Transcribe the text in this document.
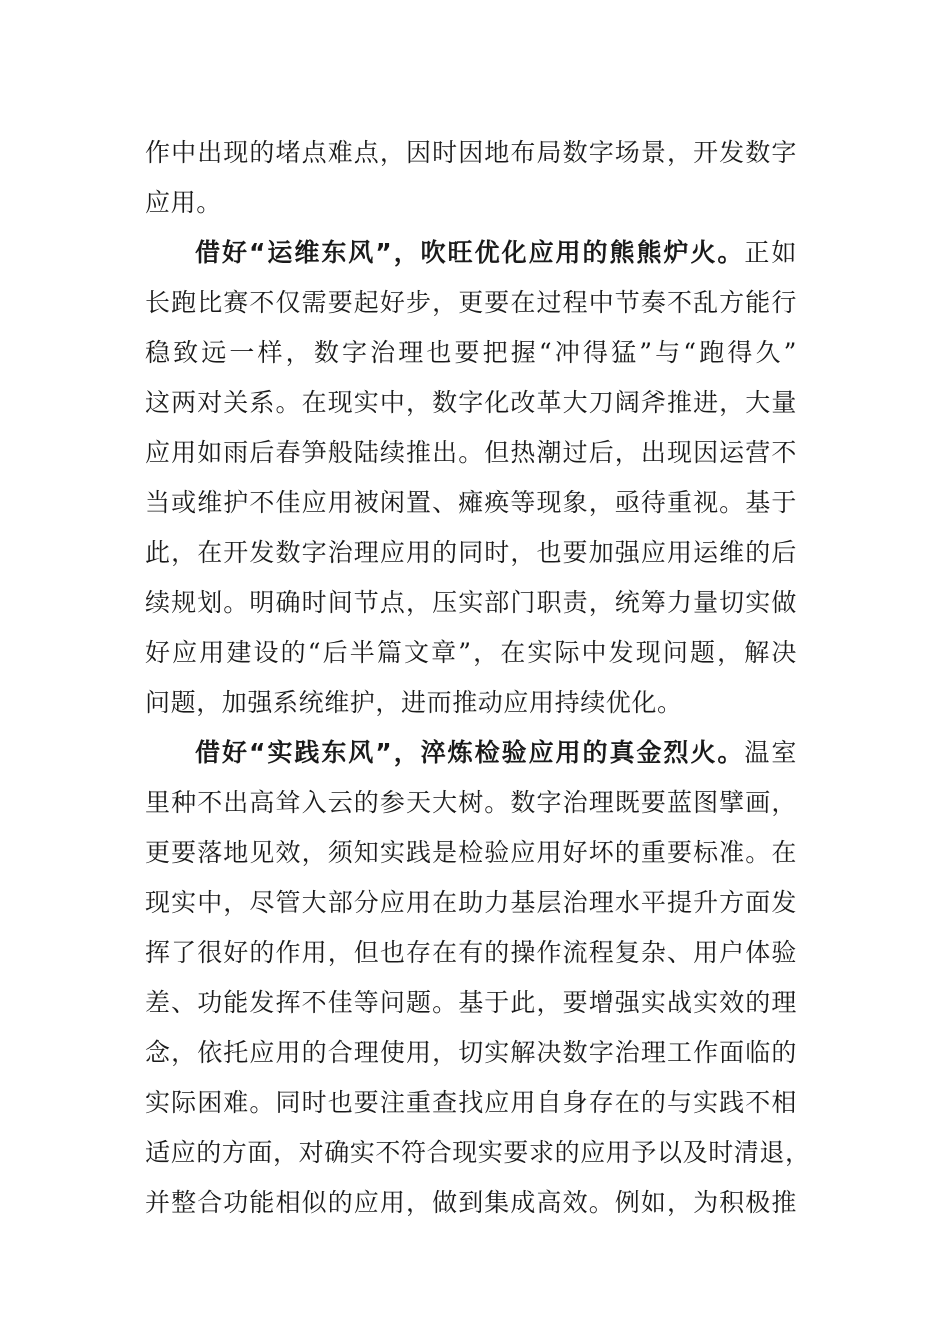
作中出现的堵点难点，因时因地布局数字场景，开发数字
应用。
借好“运维东风”，吹旺优化应用的熊熊炉火。正如
长跑比赛不仅需要起好步，更要在过程中节奏不乱方能行
稳致远一样，数字治理也要把握“冲得猛”与“跑得久”
这两对关系。在现实中，数字化改革大刀阔斧推进，大量
应用如雨后春笋般陆续推出。但热潮过后，出现因运营不
当或维护不佳应用被闲置、瘫痪等现象，亟待重视。基于
此，在开发数字治理应用的同时，也要加强应用运维的后
续规划。明确时间节点，压实部门职责，统筹力量切实做
好应用建设的“后半篇文章”，在实际中发现问题，解决
问题，加强系统维护，进而推动应用持续优化。
借好“实践东风”，淬炼检验应用的真金烈火。温室
里种不出高耸入云的参天大树。数字治理既要蓝图擘画，
更要落地见效，须知实践是检验应用好坏的重要标准。在
现实中，尽管大部分应用在助力基层治理水平提升方面发
挥了很好的作用，但也存在有的操作流程复杂、用户体验
差、功能发挥不佳等问题。基于此，要增强实战实效的理
念，依托应用的合理使用，切实解决数字治理工作面临的
实际困难。同时也要注重查找应用自身存在的与实践不相
适应的方面，对确实不符合现实要求的应用予以及时清退，
并整合功能相似的应用，做到集成高效。例如，为积极推
